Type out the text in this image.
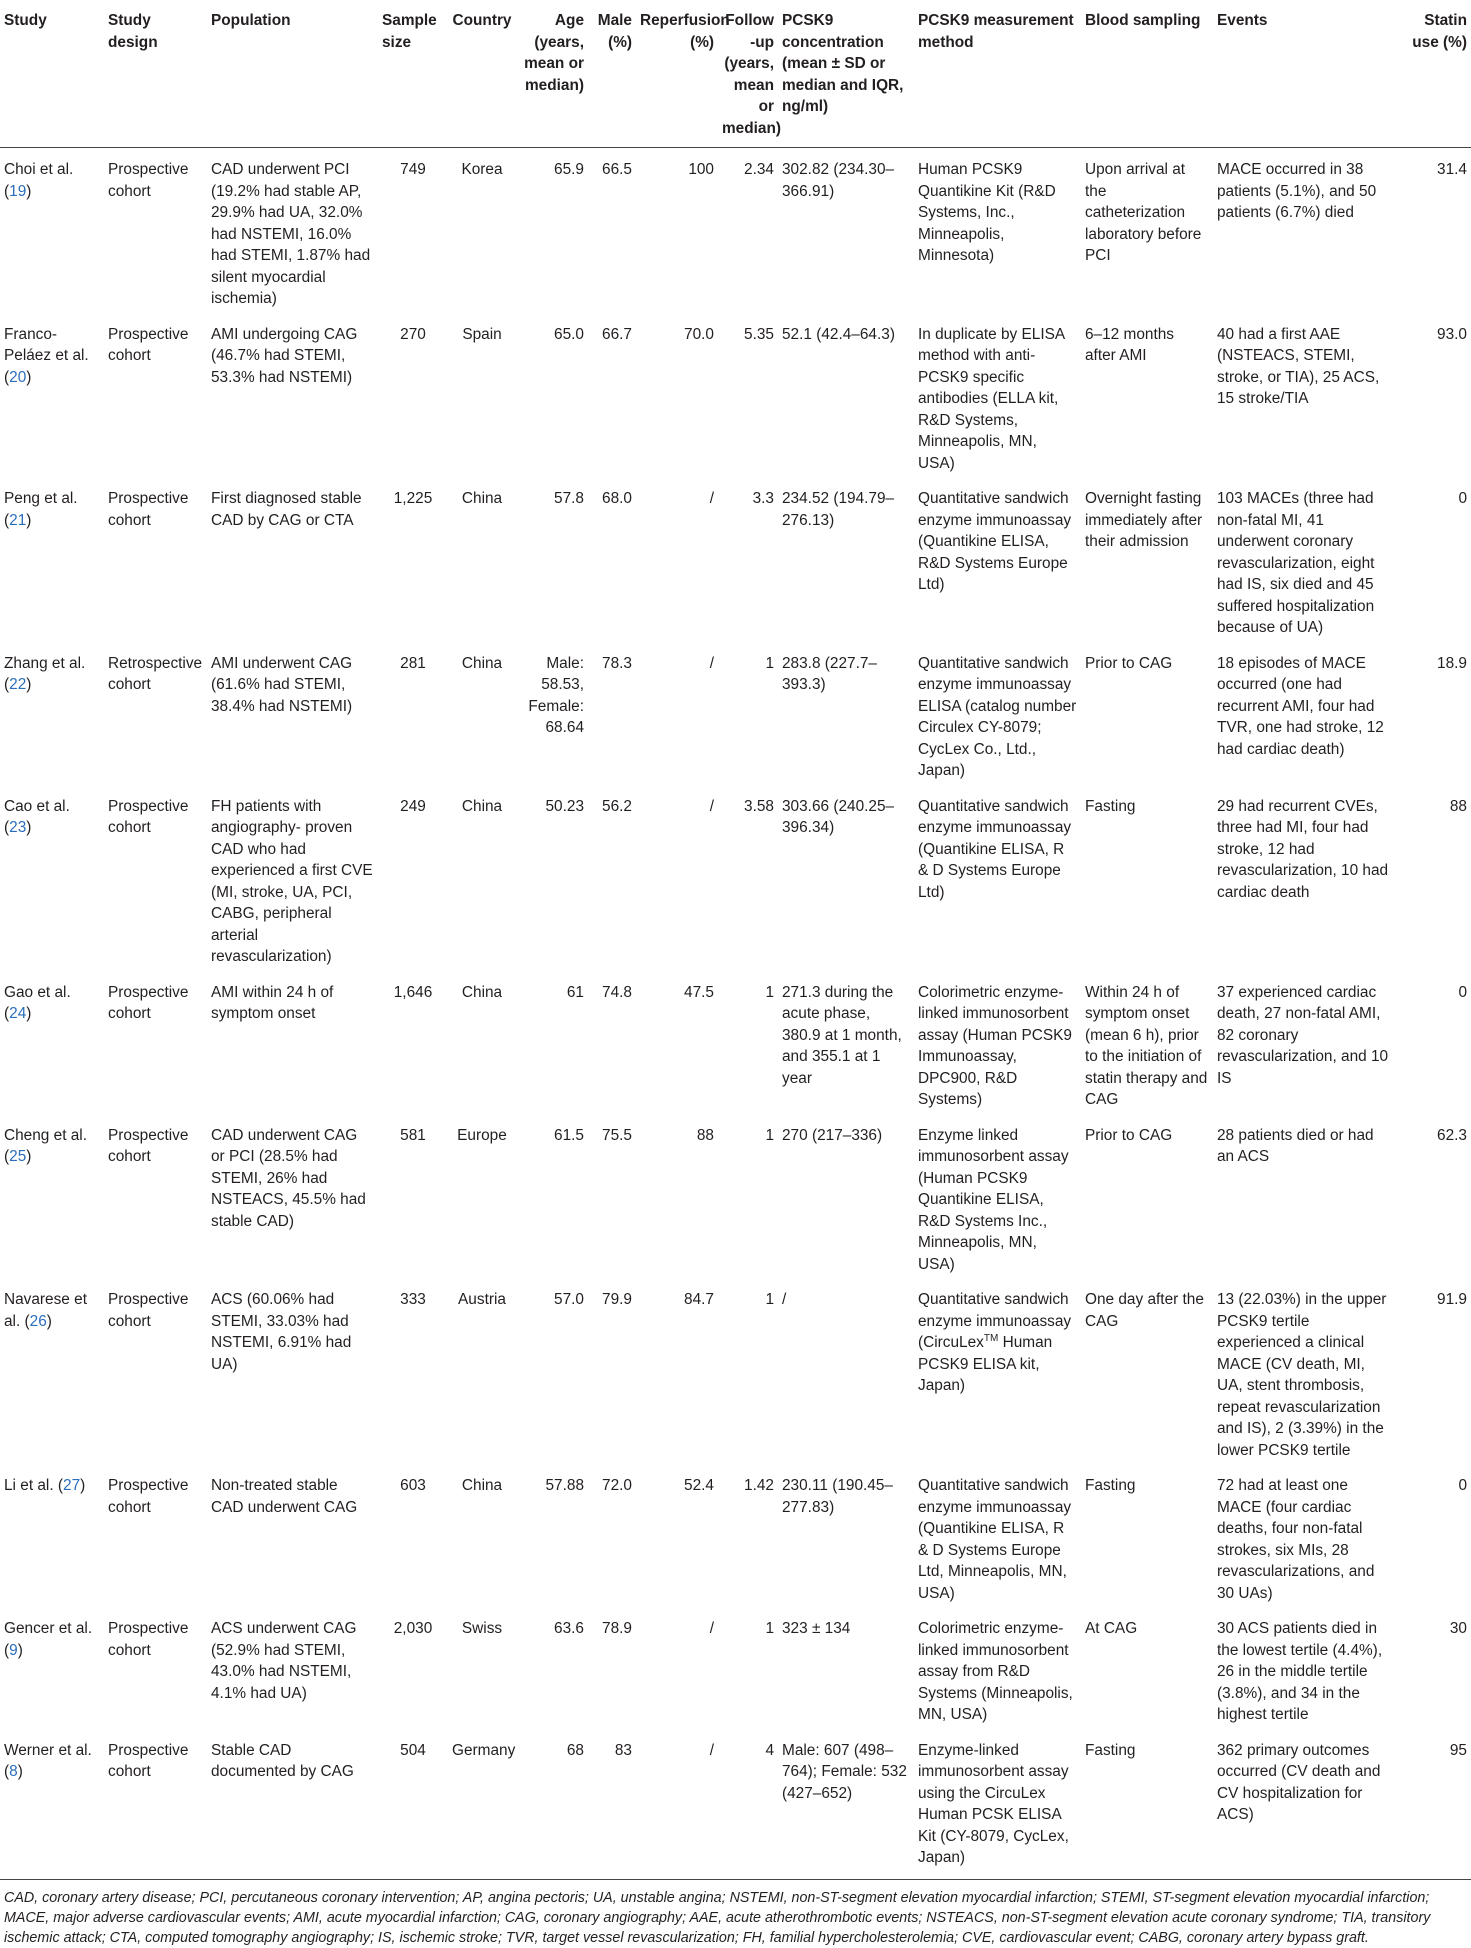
Study	Study design	Population	Sample size	Country	Age (years, mean or median)	Male (%)	Reperfusion (%)	Follow -up (years, mean or median)	PCSK9 concentration (mean ± SD or median and IQR, ng/ml)	PCSK9 measurement method	Blood sampling	Events	Statin use (%)
Choi et al. (19)	Prospective cohort	CAD underwent PCI (19.2% had stable AP, 29.9% had UA, 32.0% had NSTEMI, 16.0% had STEMI, 1.87% had silent myocardial ischemia)	749	Korea	65.9	66.5	100	2.34	302.82 (234.30–366.91)	Human PCSK9 Quantikine Kit (R&D Systems, Inc., Minneapolis, Minnesota)	Upon arrival at the catheterization laboratory before PCI	MACE occurred in 38 patients (5.1%), and 50 patients (6.7%) died	31.4
Franco-Peláez et al. (20)	Prospective cohort	AMI undergoing CAG (46.7% had STEMI, 53.3% had NSTEMI)	270	Spain	65.0	66.7	70.0	5.35	52.1 (42.4–64.3)	In duplicate by ELISA method with anti-PCSK9 specific antibodies (ELLA kit, R&D Systems, Minneapolis, MN, USA)	6–12 months after AMI	40 had a first AAE (NSTEACS, STEMI, stroke, or TIA), 25 ACS, 15 stroke/TIA	93.0
Peng et al. (21)	Prospective cohort	First diagnosed stable CAD by CAG or CTA	1,225	China	57.8	68.0	/	3.3	234.52 (194.79–276.13)	Quantitative sandwich enzyme immunoassay (Quantikine ELISA, R&D Systems Europe Ltd)	Overnight fasting immediately after their admission	103 MACEs (three had non-fatal MI, 41 underwent coronary revascularization, eight had IS, six died and 45 suffered hospitalization because of UA)	0
Zhang et al. (22)	Retrospective cohort	AMI underwent CAG (61.6% had STEMI, 38.4% had NSTEMI)	281	China	Male: 58.53, Female: 68.64	78.3	/	1	283.8 (227.7–393.3)	Quantitative sandwich enzyme immunoassay ELISA (catalog number Circulex CY-8079; CycLex Co., Ltd., Japan)	Prior to CAG	18 episodes of MACE occurred (one had recurrent AMI, four had TVR, one had stroke, 12 had cardiac death)	18.9
Cao et al. (23)	Prospective cohort	FH patients with angiography- proven CAD who had experienced a first CVE (MI, stroke, UA, PCI, CABG, peripheral arterial revascularization)	249	China	50.23	56.2	/	3.58	303.66 (240.25–396.34)	Quantitative sandwich enzyme immunoassay (Quantikine ELISA, R & D Systems Europe Ltd)	Fasting	29 had recurrent CVEs, three had MI, four had stroke, 12 had revascularization, 10 had cardiac death	88
Gao et al. (24)	Prospective cohort	AMI within 24 h of symptom onset	1,646	China	61	74.8	47.5	1	271.3 during the acute phase, 380.9 at 1 month, and 355.1 at 1 year	Colorimetric enzyme-linked immunosorbent assay (Human PCSK9 Immunoassay, DPC900, R&D Systems)	Within 24 h of symptom onset (mean 6 h), prior to the initiation of statin therapy and CAG	37 experienced cardiac death, 27 non-fatal AMI, 82 coronary revascularization, and 10 IS	0
Cheng et al. (25)	Prospective cohort	CAD underwent CAG or PCI (28.5% had STEMI, 26% had NSTEACS, 45.5% had stable CAD)	581	Europe	61.5	75.5	88	1	270 (217–336)	Enzyme linked immunosorbent assay (Human PCSK9 Quantikine ELISA, R&D Systems Inc., Minneapolis, MN, USA)	Prior to CAG	28 patients died or had an ACS	62.3
Navarese et al. (26)	Prospective cohort	ACS (60.06% had STEMI, 33.03% had NSTEMI, 6.91% had UA)	333	Austria	57.0	79.9	84.7	1	/	Quantitative sandwich enzyme immunoassay (CircuLex™ Human PCSK9 ELISA kit, Japan)	One day after the CAG	13 (22.03%) in the upper PCSK9 tertile experienced a clinical MACE (CV death, MI, UA, stent thrombosis, repeat revascularization and IS), 2 (3.39%) in the lower PCSK9 tertile	91.9
Li et al. (27)	Prospective cohort	Non-treated stable CAD underwent CAG	603	China	57.88	72.0	52.4	1.42	230.11 (190.45–277.83)	Quantitative sandwich enzyme immunoassay (Quantikine ELISA, R & D Systems Europe Ltd, Minneapolis, MN, USA)	Fasting	72 had at least one MACE (four cardiac deaths, four non-fatal strokes, six MIs, 28 revascularizations, and 30 UAs)	0
Gencer et al. (9)	Prospective cohort	ACS underwent CAG (52.9% had STEMI, 43.0% had NSTEMI, 4.1% had UA)	2,030	Swiss	63.6	78.9	/	1	323 ± 134	Colorimetric enzyme-linked immunosorbent assay from R&D Systems (Minneapolis, MN, USA)	At CAG	30 ACS patients died in the lowest tertile (4.4%), 26 in the middle tertile (3.8%), and 34 in the highest tertile	30
Werner et al. (8)	Prospective cohort	Stable CAD documented by CAG	504	Germany	68	83	/	4	Male: 607 (498–764); Female: 532 (427–652)	Enzyme-linked immunosorbent assay using the CircuLex Human PCSK ELISA Kit (CY-8079, CycLex, Japan)	Fasting	362 primary outcomes occurred (CV death and CV hospitalization for ACS)	95
CAD, coronary artery disease; PCI, percutaneous coronary intervention; AP, angina pectoris; UA, unstable angina; NSTEMI, non-ST-segment elevation myocardial infarction; STEMI, ST-segment elevation myocardial infarction; MACE, major adverse cardiovascular events; AMI, acute myocardial infarction; CAG, coronary angiography; AAE, acute atherothrombotic events; NSTEACS, non-ST-segment elevation acute coronary syndrome; TIA, transitory ischemic attack; CTA, computed tomography angiography; IS, ischemic stroke; TVR, target vessel revascularization; FH, familial hypercholesterolemia; CVE, cardiovascular event; CABG, coronary artery bypass graft.
